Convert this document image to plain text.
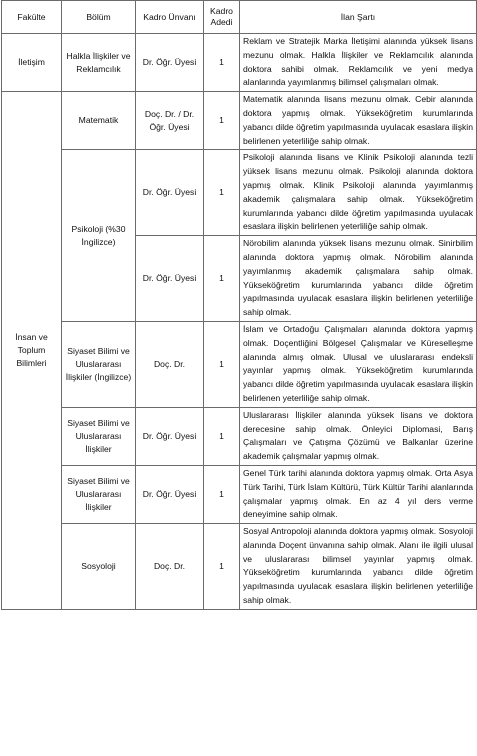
Fakülte	Bölüm	Kadro Ünvanı	Kadro Adedi	İlan Şartı
İletişim	Halkla İlişkiler ve Reklamcılık	Dr. Öğr. Üyesi	1	Reklam ve Stratejik Marka İletişimi alanında yüksek lisans mezunu olmak. Halkla İlişkiler ve Reklamcılık alanında doktora sahibi olmak. Reklamcılık ve yeni medya alanlarında yayımlanmış bilimsel çalışmaları olmak.
İnsan ve Toplum Bilimleri	Matematik	Doç. Dr. / Dr. Öğr. Üyesi	1	Matematik alanında lisans mezunu olmak. Cebir alanında doktora yapmış olmak. Yükseköğretim kurumlarında yabancı dilde öğretim yapılmasında uyulacak esaslara ilişkin belirlenen yeterliliğe sahip olmak.
	Psikoloji (%30 İngilizce)	Dr. Öğr. Üyesi	1	Psikoloji alanında lisans ve Klinik Psikoloji alanında tezli yüksek lisans mezunu olmak. Psikoloji alanında doktora yapmış olmak. Klinik Psikoloji alanında yayımlanmış akademik çalışmalara sahip olmak. Yükseköğretim kurumlarında yabancı dilde öğretim yapılmasında uyulacak esaslara ilişkin belirlenen yeterliliğe sahip olmak.
		Dr. Öğr. Üyesi	1	Nörobilim alanında yüksek lisans mezunu olmak. Sinirbilim alanında doktora yapmış olmak. Nörobilim alanında yayımlanmış akademik çalışmalara sahip olmak. Yükseköğretim kurumlarında yabancı dilde öğretim yapılmasında uyulacak esaslara ilişkin belirlenen yeterliliğe sahip olmak.
	Siyaset Bilimi ve Uluslararası İlişkiler (İngilizce)	Doç. Dr.	1	İslam ve Ortadoğu Çalışmaları alanında doktora yapmış olmak. Doçentliğini Bölgesel Çalışmalar ve Küreselleşme alanında almış olmak. Ulusal ve uluslararası endeksli yayınlar yapmış olmak. Yükseköğretim kurumlarında yabancı dilde öğretim yapılmasında uyulacak esaslara ilişkin belirlenen yeterliliğe sahip olmak.
	Siyaset Bilimi ve Uluslararası İlişkiler	Dr. Öğr. Üyesi	1	Uluslararası İlişkiler alanında yüksek lisans ve doktora derecesine sahip olmak. Önleyici Diplomasi, Barış Çalışmaları ve Çatışma Çözümü ve Balkanlar üzerine akademik çalışmalar yapmış olmak.
	Siyaset Bilimi ve Uluslararası İlişkiler	Dr. Öğr. Üyesi	1	Genel Türk tarihi alanında doktora yapmış olmak. Orta Asya Türk Tarihi, Türk İslam Kültürü, Türk Kültür Tarihi alanlarında çalışmalar yapmış olmak. En az 4 yıl ders verme deneyimine sahip olmak.
	Sosyoloji	Doç. Dr.	1	Sosyal Antropoloji alanında doktora yapmış olmak. Sosyoloji alanında Doçent ünvanına sahip olmak. Alanı ile ilgili ulusal ve uluslararası bilimsel yayınlar yapmış olmak. Yükseköğretim kurumlarında yabancı dilde öğretim yapılmasında uyulacak esaslara ilişkin belirlenen yeterliliğe sahip olmak.
